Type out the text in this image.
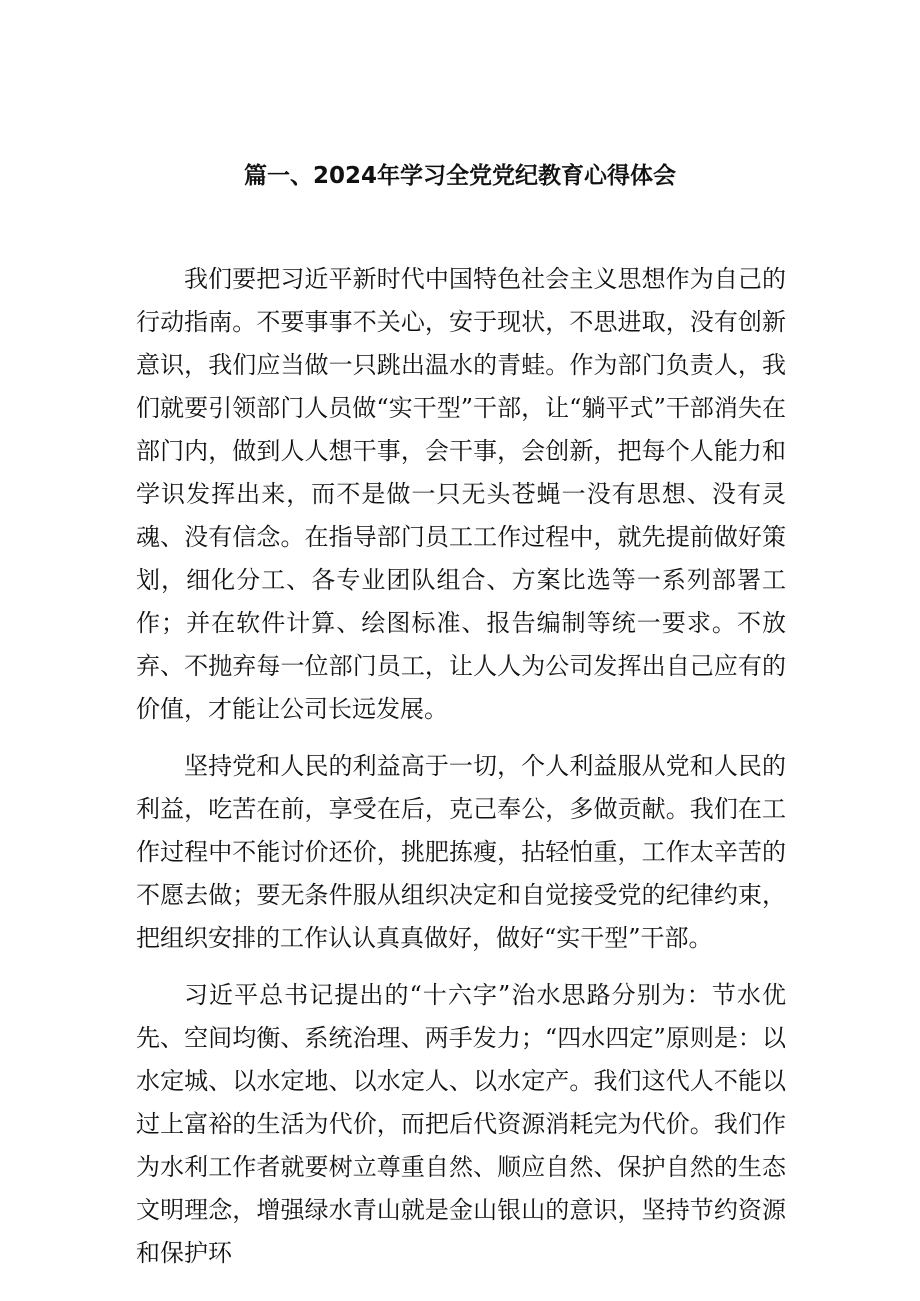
篇一、2024年学习全党党纪教育心得体会

我们要把习近平新时代中国特色社会主义思想作为自己的行动指南。不要事事不关心，安于现状，不思进取，没有创新意识，我们应当做一只跳出温水的青蛙。作为部门负责人，我们就要引领部门人员做“实干型”干部，让“躺平式”干部消失在部门内，做到人人想干事，会干事，会创新，把每个人能力和学识发挥出来，而不是做一只无头苍蝇一没有思想、没有灵魂、没有信念。在指导部门员工工作过程中，就先提前做好策划，细化分工、各专业团队组合、方案比选等一系列部署工作；并在软件计算、绘图标准、报告编制等统一要求。不放弃、不抛弃每一位部门员工，让人人为公司发挥出自己应有的价值，才能让公司长远发展。

坚持党和人民的利益高于一切，个人利益服从党和人民的利益，吃苦在前，享受在后，克己奉公，多做贡献。我们在工作过程中不能讨价还价，挑肥拣瘦，拈轻怕重，工作太辛苦的不愿去做；要无条件服从组织决定和自觉接受党的纪律约束，把组织安排的工作认认真真做好，做好“实干型”干部。

习近平总书记提出的“十六字”治水思路分别为：节水优先、空间均衡、系统治理、两手发力；“四水四定”原则是：以水定城、以水定地、以水定人、以水定产。我们这代人不能以过上富裕的生活为代价，而把后代资源消耗完为代价。我们作为水利工作者就要树立尊重自然、顺应自然、保护自然的生态文明理念，增强绿水青山就是金山银山的意识，坚持节约资源和保护环
